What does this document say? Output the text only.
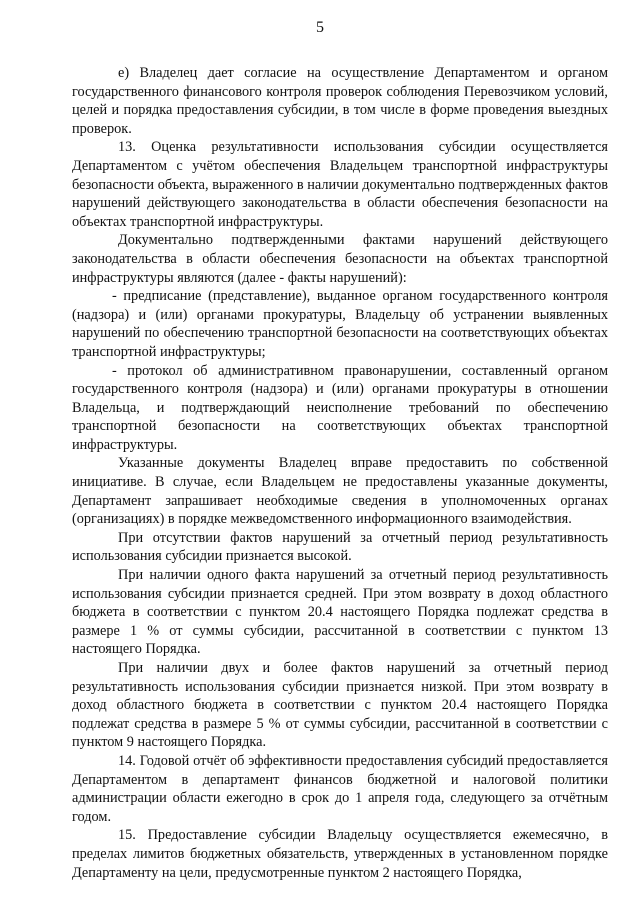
5

е) Владелец дает согласие на осуществление Департаментом и органом государственного финансового контроля проверок соблюдения Перевозчиком условий, целей и порядка предоставления субсидии, в том числе в форме проведения выездных проверок.

13. Оценка результативности использования субсидии осуществляется Департаментом с учётом обеспечения Владельцем транспортной инфраструктуры безопасности объекта, выраженного в наличии документально подтвержденных фактов нарушений действующего законодательства в области обеспечения безопасности на объектах транспортной инфраструктуры.

Документально подтвержденными фактами нарушений действующего законодательства в области обеспечения безопасности на объектах транспортной инфраструктуры являются (далее - факты нарушений):

- предписание (представление), выданное органом государственного контроля (надзора) и (или) органами прокуратуры, Владельцу об устранении выявленных нарушений по обеспечению транспортной безопасности на соответствующих объектах транспортной инфраструктуры;

- протокол об административном правонарушении, составленный органом государственного контроля (надзора) и (или) органами прокуратуры в отношении Владельца, и подтверждающий неисполнение требований по обеспечению транспортной безопасности на соответствующих объектах транспортной инфраструктуры.

Указанные документы Владелец вправе предоставить по собственной инициативе. В случае, если Владельцем не предоставлены указанные документы, Департамент запрашивает необходимые сведения в уполномоченных органах (организациях) в порядке межведомственного информационного взаимодействия.

При отсутствии фактов нарушений за отчетный период результативность использования субсидии признается высокой.

При наличии одного факта нарушений за отчетный период результативность использования субсидии признается средней. При этом возврату в доход областного бюджета в соответствии с пунктом 20.4 настоящего Порядка подлежат средства в размере 1 % от суммы субсидии, рассчитанной в соответствии с пунктом 13 настоящего Порядка.

При наличии двух и более фактов нарушений за отчетный период результативность использования субсидии признается низкой. При этом возврату в доход областного бюджета в соответствии с пунктом 20.4 настоящего Порядка подлежат средства в размере 5 % от суммы субсидии, рассчитанной в соответствии с пунктом 9 настоящего Порядка.

14. Годовой отчёт об эффективности предоставления субсидий предоставляется Департаментом в департамент финансов бюджетной и налоговой политики администрации области ежегодно в срок до 1 апреля года, следующего за отчётным годом.

15. Предоставление субсидии Владельцу осуществляется ежемесячно, в пределах лимитов бюджетных обязательств, утвержденных в установленном порядке Департаменту на цели, предусмотренные пунктом 2 настоящего Порядка,
